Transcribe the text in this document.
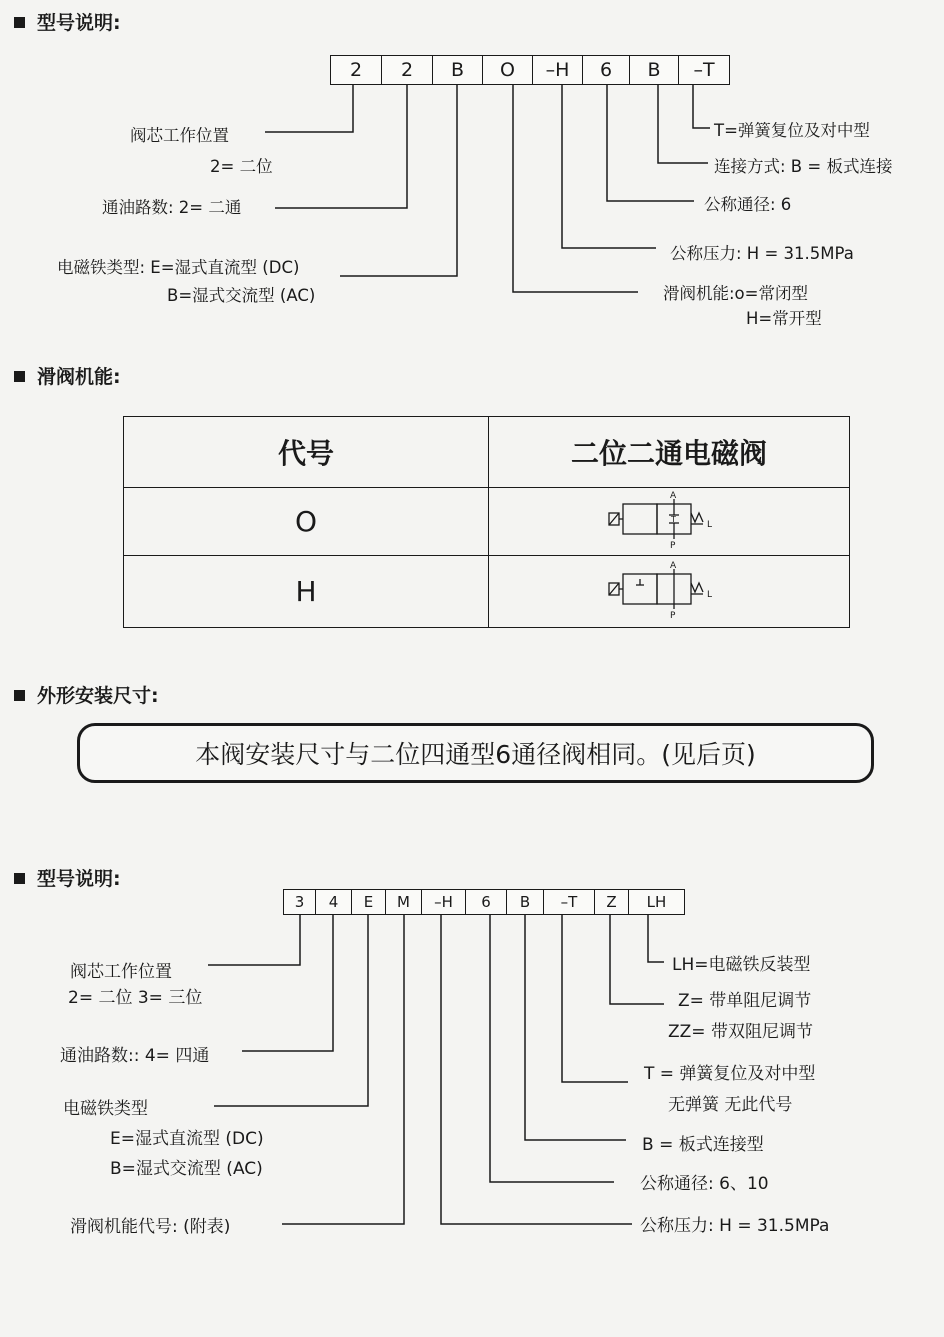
型号说明:
2	2	B	O	–H	6	B	–T
阀芯工作位置
2= 二位
通油路数: 2= 二通
电磁铁类型: E=湿式直流型 (DC)
B=湿式交流型 (AC)
T=弹簧复位及对中型
连接方式: B = 板式连接
公称通径: 6
公称压力: H = 31.5MPa
滑阀机能:o=常闭型
H=常开型
滑阀机能:
代号	二位二通电磁阀
O	A
T
P
L

H	A
P
L
外形安装尺寸:
本阀安装尺寸与二位四通型6通径阀相同。(见后页)
型号说明:
3	4	E	M	–H	6	B	–T	Z	LH
阀芯工作位置
2= 二位 3= 三位
通油路数:: 4= 四通
电磁铁类型
E=湿式直流型 (DC)
B=湿式交流型 (AC)
滑阀机能代号: (附表)
LH=电磁铁反装型
Z= 带单阻尼调节
ZZ= 带双阻尼调节
T = 弹簧复位及对中型
无弹簧 无此代号
B = 板式连接型
公称通径: 6、10
公称压力: H = 31.5MPa
